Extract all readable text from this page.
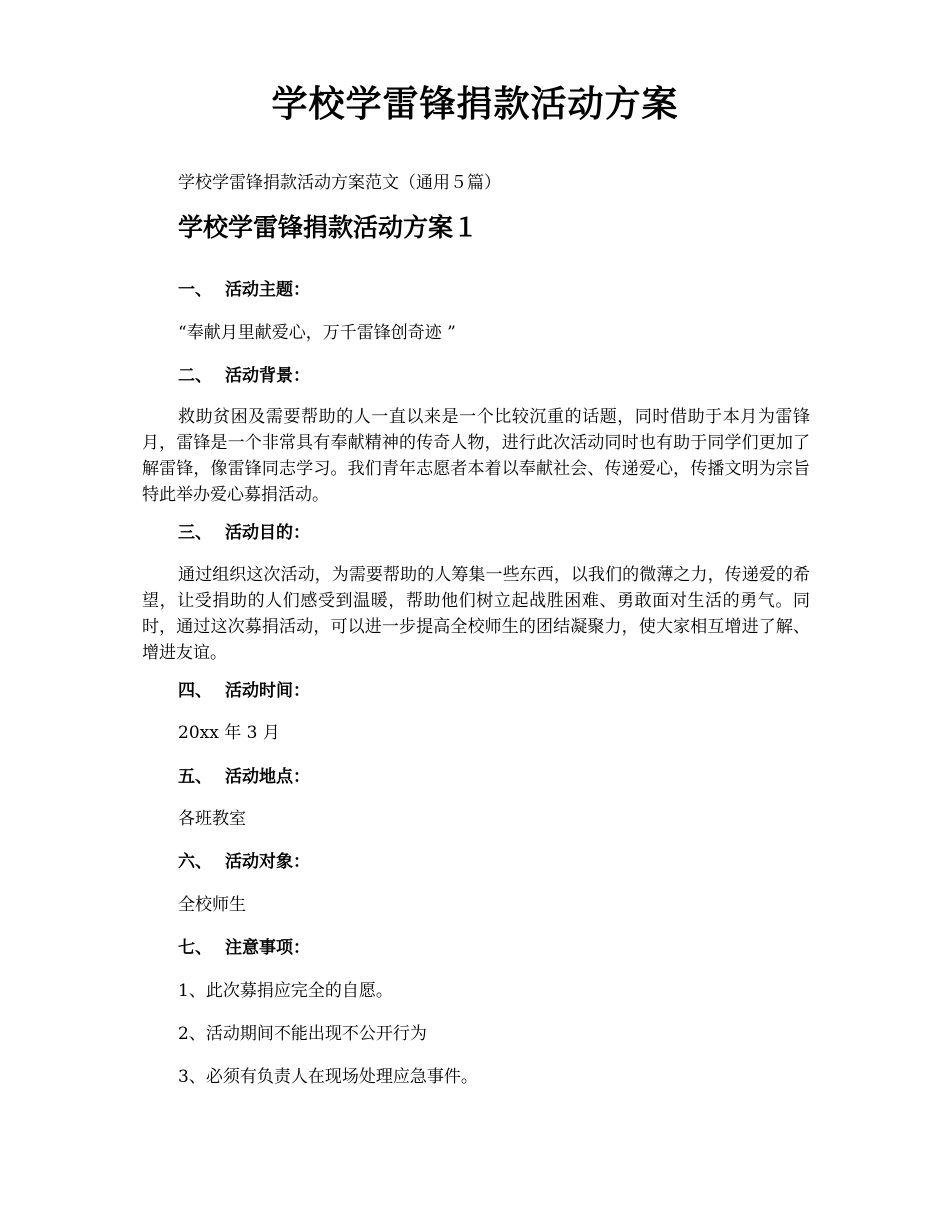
学校学雷锋捐款活动方案

学校学雷锋捐款活动方案范文（通用５篇）

学校学雷锋捐款活动方案１

一、 活动主题：

“奉献月里献爱心，万千雷锋创奇迹 ”

二、 活动背景：

救助贫困及需要帮助的人一直以来是一个比较沉重的话题，同时借助于本月为雷锋月，雷锋是一个非常具有奉献精神的传奇人物，进行此次活动同时也有助于同学们更加了解雷锋，像雷锋同志学习。我们青年志愿者本着以奉献社会、传递爱心，传播文明为宗旨特此举办爱心募捐活动。

三、 活动目的：

通过组织这次活动，为需要帮助的人筹集一些东西，以我们的微薄之力，传递爱的希望，让受捐助的人们感受到温暖，帮助他们树立起战胜困难、勇敢面对生活的勇气。同时，通过这次募捐活动，可以进一步提高全校师生的团结凝聚力，使大家相互增进了解、增进友谊。

四、 活动时间：

20xx 年 3 月

五、 活动地点：

各班教室

六、 活动对象：

全校师生

七、 注意事项：

1、此次募捐应完全的自愿。

2、活动期间不能出现不公开行为

3、必须有负责人在现场处理应急事件。
